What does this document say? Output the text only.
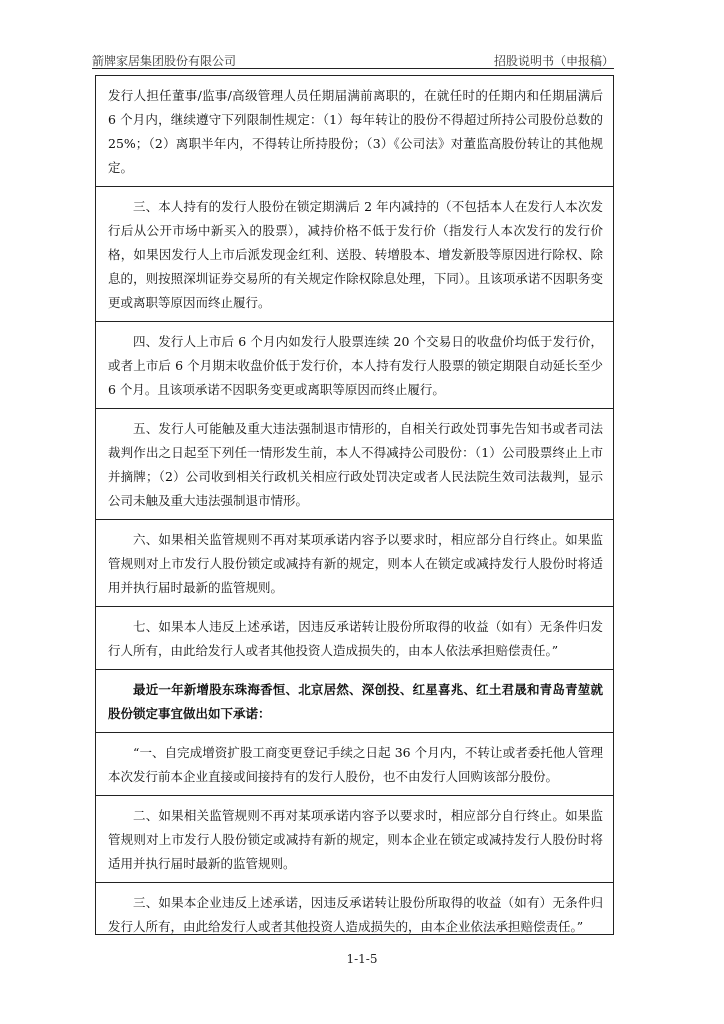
箭牌家居集团股份有限公司	招股说明书（申报稿）
发行人担任董事/监事/高级管理人员任期届满前离职的，在就任时的任期内和任期届满后 6 个月内，继续遵守下列限制性规定：（1）每年转让的股份不得超过所持公司股份总数的 25%；（2）离职半年内，不得转让所持股份；（3）《公司法》对董监高股份转让的其他规定。
三、本人持有的发行人股份在锁定期满后 2 年内减持的（不包括本人在发行人本次发行后从公开市场中新买入的股票），减持价格不低于发行价（指发行人本次发行的发行价格，如果因发行人上市后派发现金红利、送股、转增股本、增发新股等原因进行除权、除息的，则按照深圳证券交易所的有关规定作除权除息处理，下同）。且该项承诺不因职务变更或离职等原因而终止履行。
四、发行人上市后 6 个月内如发行人股票连续 20 个交易日的收盘价均低于发行价，或者上市后 6 个月期末收盘价低于发行价，本人持有发行人股票的锁定期限自动延长至少 6 个月。且该项承诺不因职务变更或离职等原因而终止履行。
五、发行人可能触及重大违法强制退市情形的，自相关行政处罚事先告知书或者司法裁判作出之日起至下列任一情形发生前，本人不得减持公司股份：（1）公司股票终止上市并摘牌；（2）公司收到相关行政机关相应行政处罚决定或者人民法院生效司法裁判，显示公司未触及重大违法强制退市情形。
六、如果相关监管规则不再对某项承诺内容予以要求时，相应部分自行终止。如果监管规则对上市发行人股份锁定或减持有新的规定，则本人在锁定或减持发行人股份时将适用并执行届时最新的监管规则。
七、如果本人违反上述承诺，因违反承诺转让股份所取得的收益（如有）无条件归发行人所有，由此给发行人或者其他投资人造成损失的，由本人依法承担赔偿责任。”
最近一年新增股东珠海香恒、北京居然、深创投、红星喜兆、红土君晟和青岛青堃就股份锁定事宜做出如下承诺：
“一、自完成增资扩股工商变更登记手续之日起 36 个月内，不转让或者委托他人管理本次发行前本企业直接或间接持有的发行人股份，也不由发行人回购该部分股份。
二、如果相关监管规则不再对某项承诺内容予以要求时，相应部分自行终止。如果监管规则对上市发行人股份锁定或减持有新的规定，则本企业在锁定或减持发行人股份时将适用并执行届时最新的监管规则。
三、如果本企业违反上述承诺，因违反承诺转让股份所取得的收益（如有）无条件归发行人所有，由此给发行人或者其他投资人造成损失的，由本企业依法承担赔偿责任。”
1-1-5
